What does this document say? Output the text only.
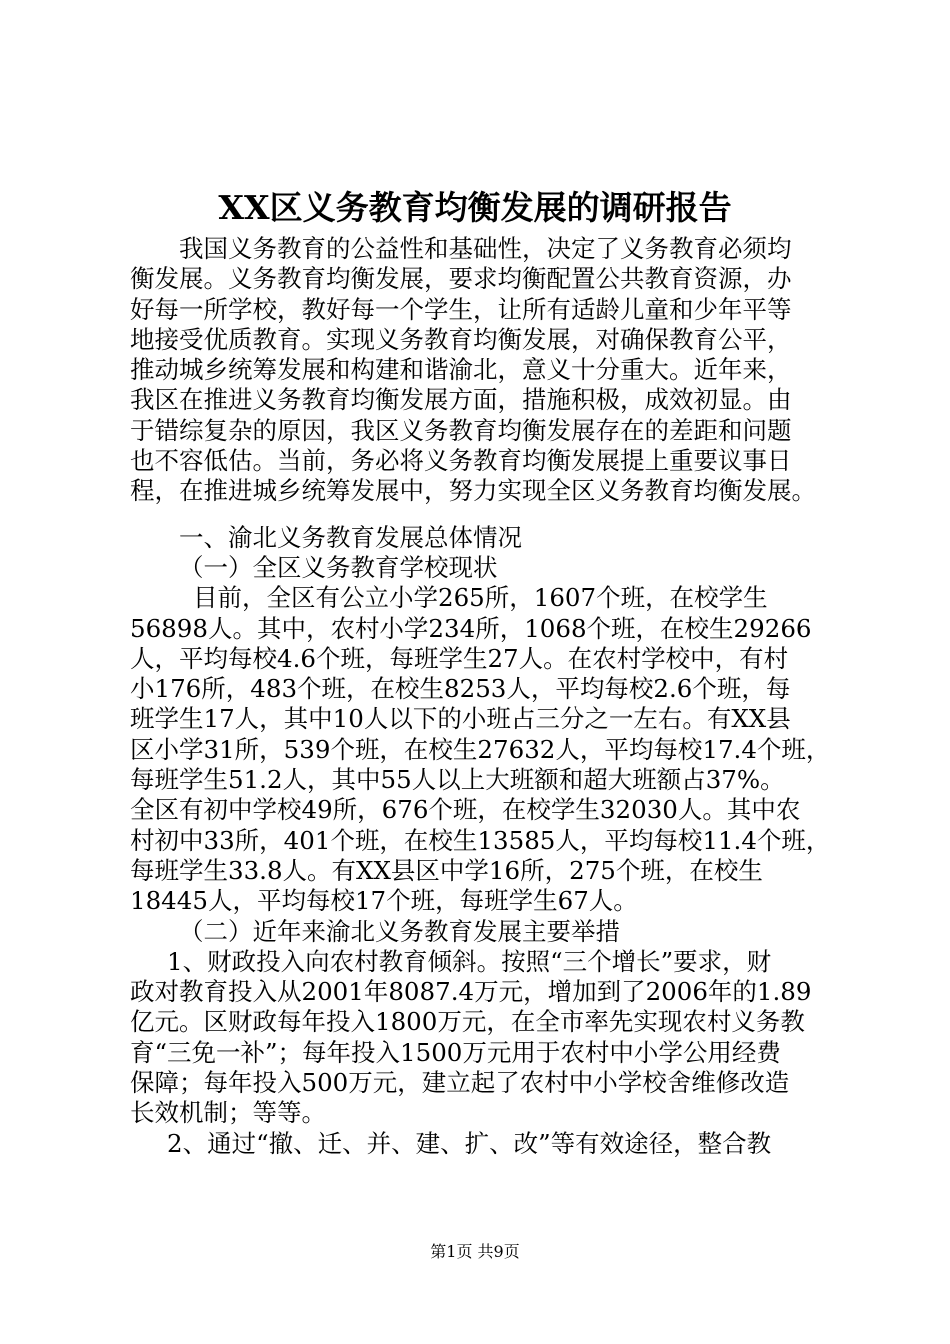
XX区义务教育均衡发展的调研报告
我国义务教育的公益性和基础性，决定了义务教育必须均
衡发展。义务教育均衡发展，要求均衡配置公共教育资源，办
好每一所学校，教好每一个学生，让所有适龄儿童和少年平等
地接受优质教育。实现义务教育均衡发展，对确保教育公平，
推动城乡统筹发展和构建和谐渝北，意义十分重大。近年来，
我区在推进义务教育均衡发展方面，措施积极，成效初显。由
于错综复杂的原因，我区义务教育均衡发展存在的差距和问题
也不容低估。当前，务必将义务教育均衡发展提上重要议事日
程，在推进城乡统筹发展中，努力实现全区义务教育均衡发展。
一、渝北义务教育发展总体情况
（一）全区义务教育学校现状
目前，全区有公立小学265所，1607个班，在校学生
56898人。其中，农村小学234所，1068个班，在校生29266
人，平均每校4.6个班，每班学生27人。在农村学校中，有村
小176所，483个班，在校生8253人，平均每校2.6个班，每
班学生17人，其中10人以下的小班占三分之一左右。有XX县
区小学31所，539个班，在校生27632人，平均每校17.4个班，
每班学生51.2人，其中55人以上大班额和超大班额占37%。
全区有初中学校49所，676个班，在校学生32030人。其中农
村初中33所，401个班，在校生13585人，平均每校11.4个班，
每班学生33.8人。有XX县区中学16所，275个班，在校生
18445人，平均每校17个班，每班学生67人。
（二）近年来渝北义务教育发展主要举措
1、财政投入向农村教育倾斜。按照“三个增长”要求，财
政对教育投入从2001年8087.4万元，增加到了2006年的1.89
亿元。区财政每年投入1800万元，在全市率先实现农村义务教
育“三免一补”；每年投入1500万元用于农村中小学公用经费
保障；每年投入500万元，建立起了农村中小学校舍维修改造
长效机制；等等。
2、通过“撤、迁、并、建、扩、改”等有效途径，整合教
第1页 共9页
